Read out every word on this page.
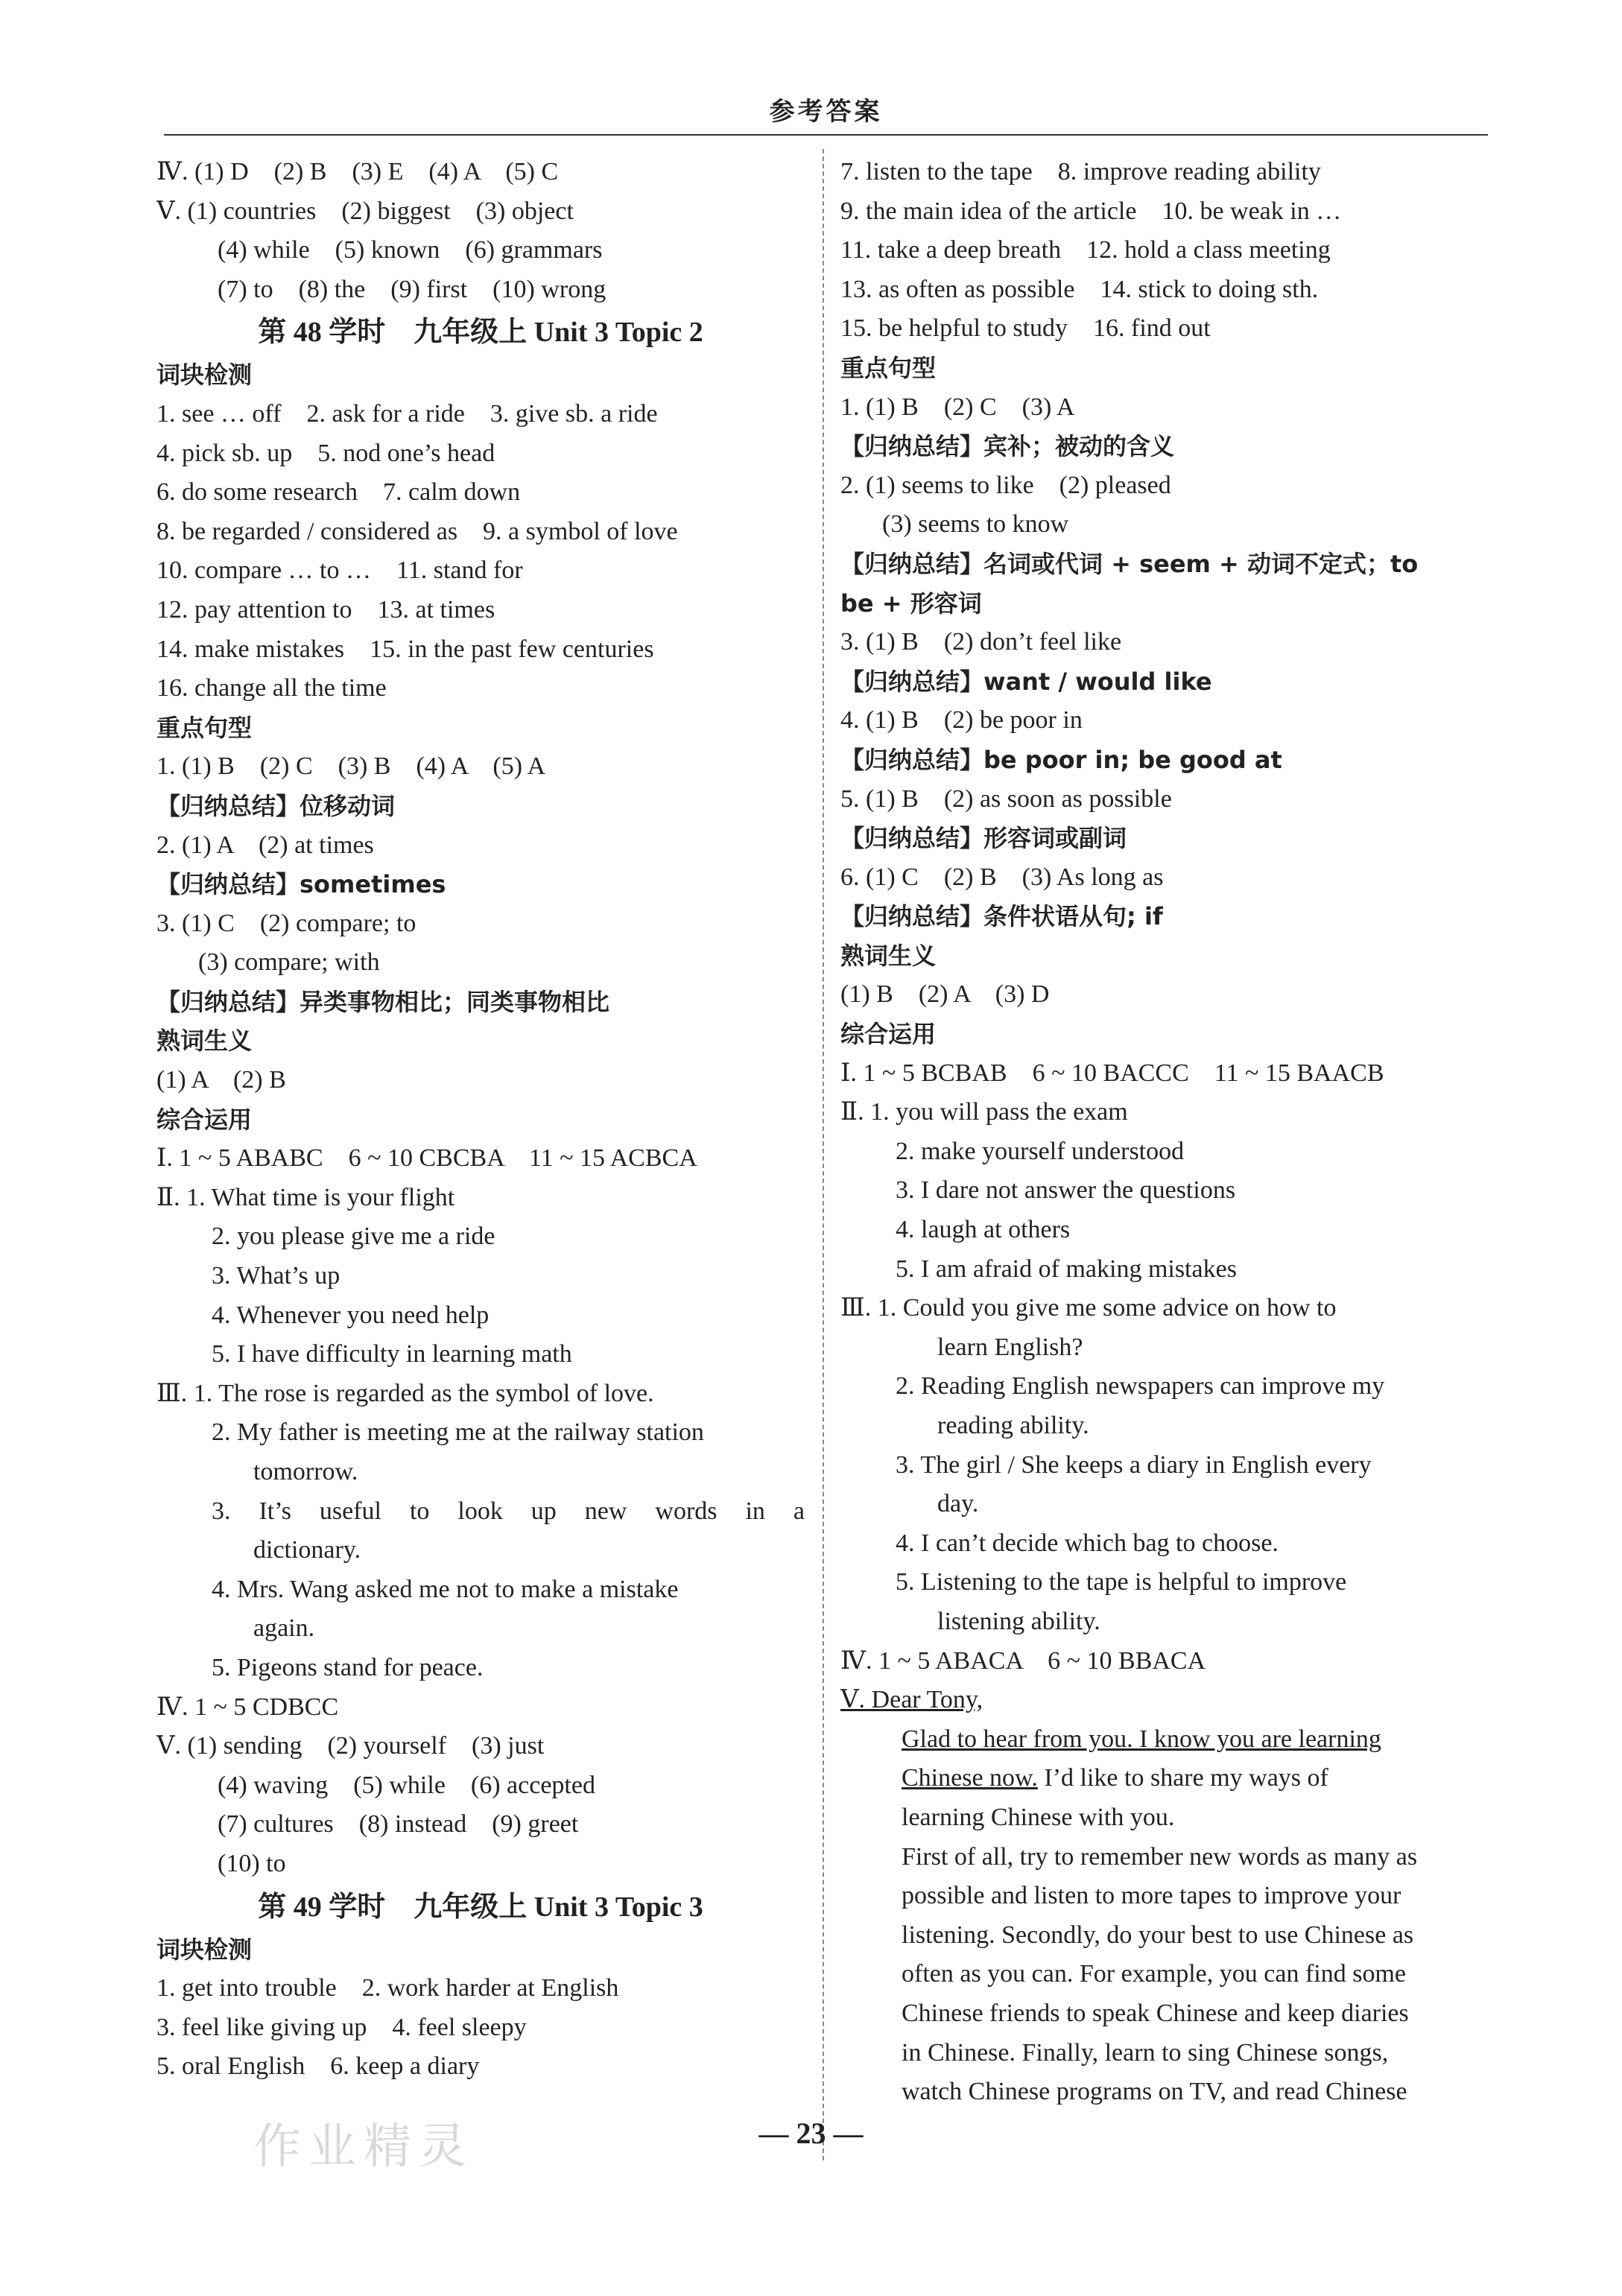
参考答案
Ⅳ. (1) D　(2) B　(3) E　(4) A　(5) C
Ⅴ. (1) countries　(2) biggest　(3) object
(4) while　(5) known　(6) grammars
(7) to　(8) the　(9) first　(10) wrong
第 48 学时　九年级上 Unit 3 Topic 2
词块检测
1. see … off　2. ask for a ride　3. give sb. a ride
4. pick sb. up　5. nod one’s head
6. do some research　7. calm down
8. be regarded / considered as　9. a symbol of love
10. compare … to …　11. stand for
12. pay attention to　13. at times
14. make mistakes　15. in the past few centuries
16. change all the time
重点句型
1. (1) B　(2) C　(3) B　(4) A　(5) A
【归纳总结】位移动词
2. (1) A　(2) at times
【归纳总结】sometimes
3. (1) C　(2) compare; to
(3) compare; with
【归纳总结】异类事物相比；同类事物相比
熟词生义
(1) A　(2) B
综合运用
Ⅰ. 1 ~ 5 ABABC　6 ~ 10 CBCBA　11 ~ 15 ACBCA
Ⅱ. 1. What time is your flight
2. you please give me a ride
3. What’s up
4. Whenever you need help
5. I have difficulty in learning math
Ⅲ. 1. The rose is regarded as the symbol of love.
2. My father is meeting me at the railway station
tomorrow.
3. It’s useful to look up new words in a
dictionary.
4. Mrs. Wang asked me not to make a mistake
again.
5. Pigeons stand for peace.
Ⅳ. 1 ~ 5 CDBCC
Ⅴ. (1) sending　(2) yourself　(3) just
(4) waving　(5) while　(6) accepted
(7) cultures　(8) instead　(9) greet
(10) to
第 49 学时　九年级上 Unit 3 Topic 3
词块检测
1. get into trouble　2. work harder at English
3. feel like giving up　4. feel sleepy
5. oral English　6. keep a diary
7. listen to the tape　8. improve reading ability
9. the main idea of the article　10. be weak in …
11. take a deep breath　12. hold a class meeting
13. as often as possible　14. stick to doing sth.
15. be helpful to study　16. find out
重点句型
1. (1) B　(2) C　(3) A
【归纳总结】宾补；被动的含义
2. (1) seems to like　(2) pleased
(3) seems to know
【归纳总结】名词或代词 + seem + 动词不定式；to
be + 形容词
3. (1) B　(2) don’t feel like
【归纳总结】want / would like
4. (1) B　(2) be poor in
【归纳总结】be poor in; be good at
5. (1) B　(2) as soon as possible
【归纳总结】形容词或副词
6. (1) C　(2) B　(3) As long as
【归纳总结】条件状语从句; if
熟词生义
(1) B　(2) A　(3) D
综合运用
Ⅰ. 1 ~ 5 BCBAB　6 ~ 10 BACCC　11 ~ 15 BAACB
Ⅱ. 1. you will pass the exam
2. make yourself understood
3. I dare not answer the questions
4. laugh at others
5. I am afraid of making mistakes
Ⅲ. 1. Could you give me some advice on how to
learn English?
2. Reading English newspapers can improve my
reading ability.
3. The girl / She keeps a diary in English every
day.
4. I can’t decide which bag to choose.
5. Listening to the tape is helpful to improve
listening ability.
Ⅳ. 1 ~ 5 ABACA　6 ~ 10 BBACA
Ⅴ. Dear Tony,
Glad to hear from you. I know you are learning
Chinese now. I’d like to share my ways of
learning Chinese with you.
First of all, try to remember new words as many as
possible and listen to more tapes to improve your
listening. Secondly, do your best to use Chinese as
often as you can. For example, you can find some
Chinese friends to speak Chinese and keep diaries
in Chinese. Finally, learn to sing Chinese songs,
watch Chinese programs on TV, and read Chinese
作业精灵	— 23 —
